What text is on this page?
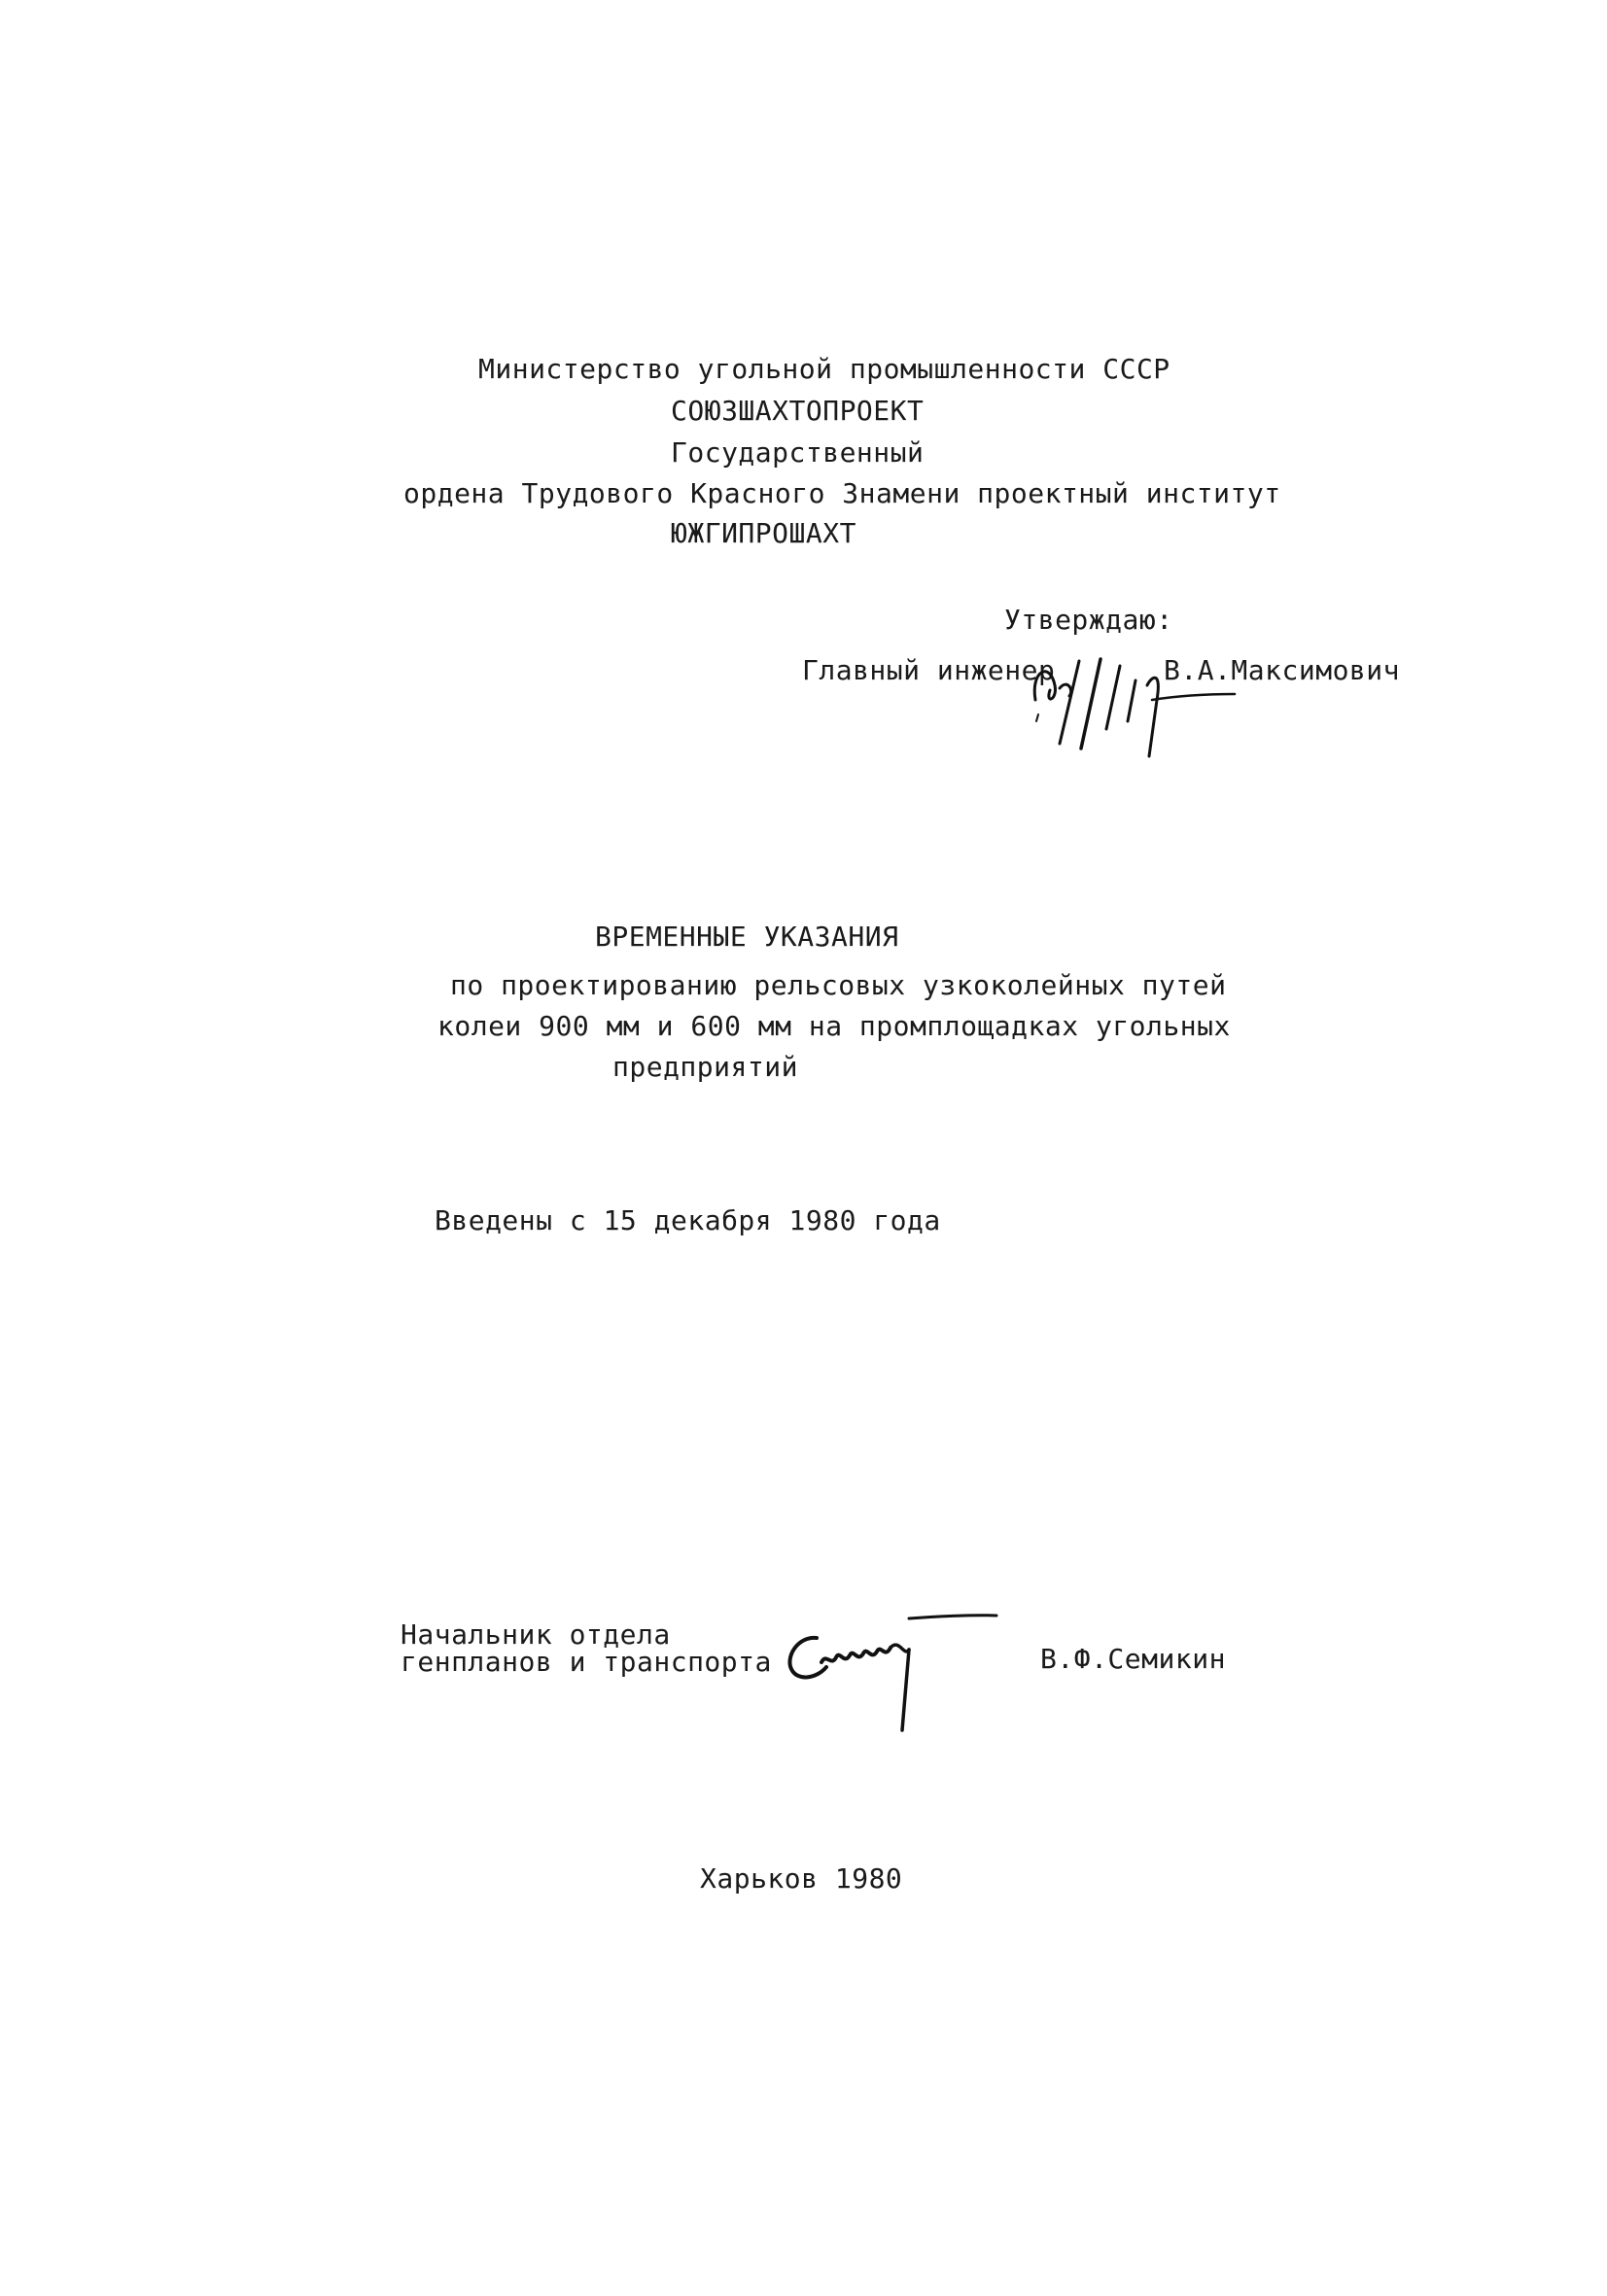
Министерство угольной промышленности СССР
СОЮЗШАХТОПРОЕКТ
Государственный
ордена Трудового Красного Знамени проектный институт
ЮЖГИПРОШАХТ
Утверждаю:
Главный инженер	В.А.Максимович
ВРЕМЕННЫЕ УКАЗАНИЯ
по проектированию рельсовых узкоколейных путей
колеи 900 мм и 600 мм на промплощадках угольных
предприятий
Введены с 15 декабря 1980 года
Начальник отдела
генпланов и транспорта	В.Ф.Семикин
Харьков 1980
